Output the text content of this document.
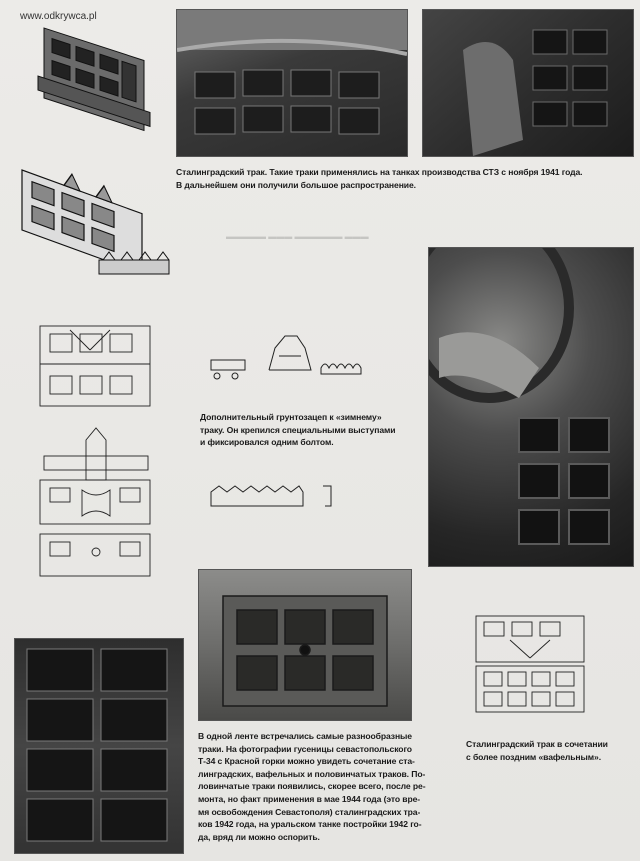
www.odkrywca.pl
▬▬▬▬▬ ▬▬▬ ▬▬▬▬▬▬ ▬▬▬
Сталинградский трак. Такие траки применялись на танках производства СТЗ с ноября 1941 года.
В дальнейшем они получили большое распространение.
Дополнительный грунтозацеп к «зимнему»
траку. Он крепился специальными выступами
и фиксировался одним болтом.
В одной ленте встречались самые разнообразные
траки. На фотографии гусеницы севастопольского
Т-34 с Красной горки можно увидеть сочетание ста-
линградских, вафельных и половинчатых траков. По-
ловинчатые траки появились, скорее всего, после ре-
монта, но факт применения в мае 1944 года (это вре-
мя освобождения Севастополя) сталинградских тра-
ков 1942 года, на уральском танке постройки 1942 го-
да, вряд ли можно оспорить.
Сталинградский трак в сочетании
с более поздним «вафельным».
